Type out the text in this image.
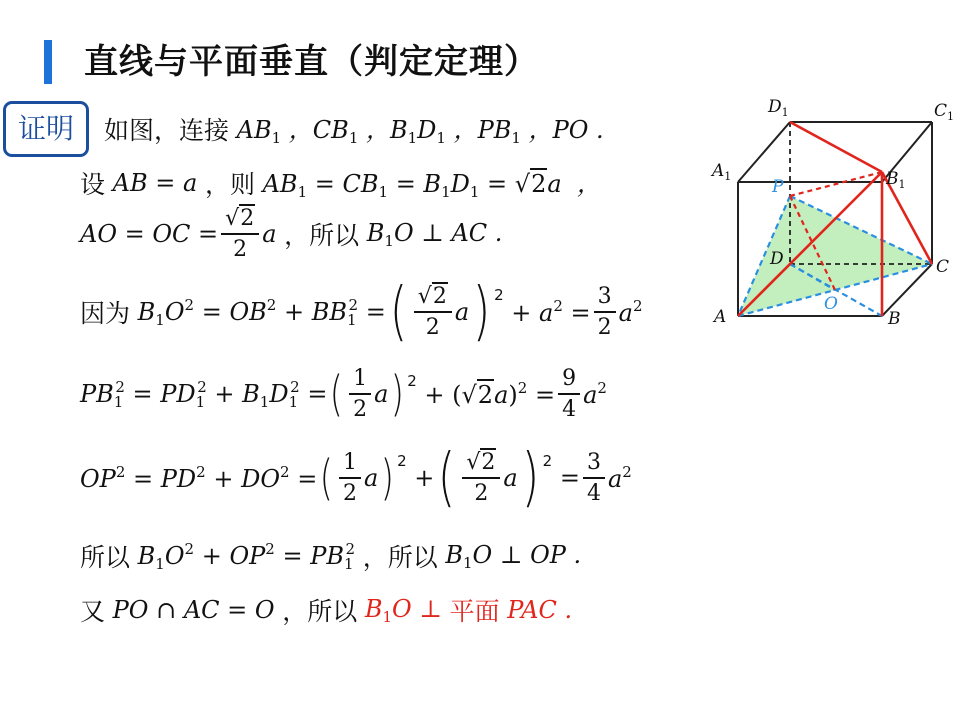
直线与平面垂直（判定定理）
证明	如图，连接 $AB_1$ ，$CB_1$ ，$B_1D_1$ ，$PB_1$ ，PO .
设 AB = a ，则 $AB_1 = CB_1 = B_1D_1 = √2a$  ，
AO = OC = $\frac{√2}{2}$ a ，所以 $B_1O$ ⊥ AC .
因为 $B_1O^2 = OB^2 + BB_1^2$ = ( $\frac{√2}{2}$ a ) 2
+ $a^2 = \frac{3}{2} a^2$
$PB_1^2 = PD_1^2 + B_1D_1^2$ = ( $\frac{1}{2}$ a ) $2 + (√2a)^2 = \frac{9}{4} a^2$
$OP^2 = PD^2 + DO^2$ = ( $\frac{1}{2}$ a ) 2
+ ( $\frac{√2}{2}$ a ) 2
= $\frac{3}{4} a^2$
所以 $B_1O^2 + OP^2 = PB_1^2$ ，所以 $B_1O$ ⊥ OP .
又 PO ∩ AC = O ，所以 $B_1O$ ⊥ 平面 PAC .
$D_1$	$C_1$
$A_1$	$B_1$
P
D	C
O
A	B
